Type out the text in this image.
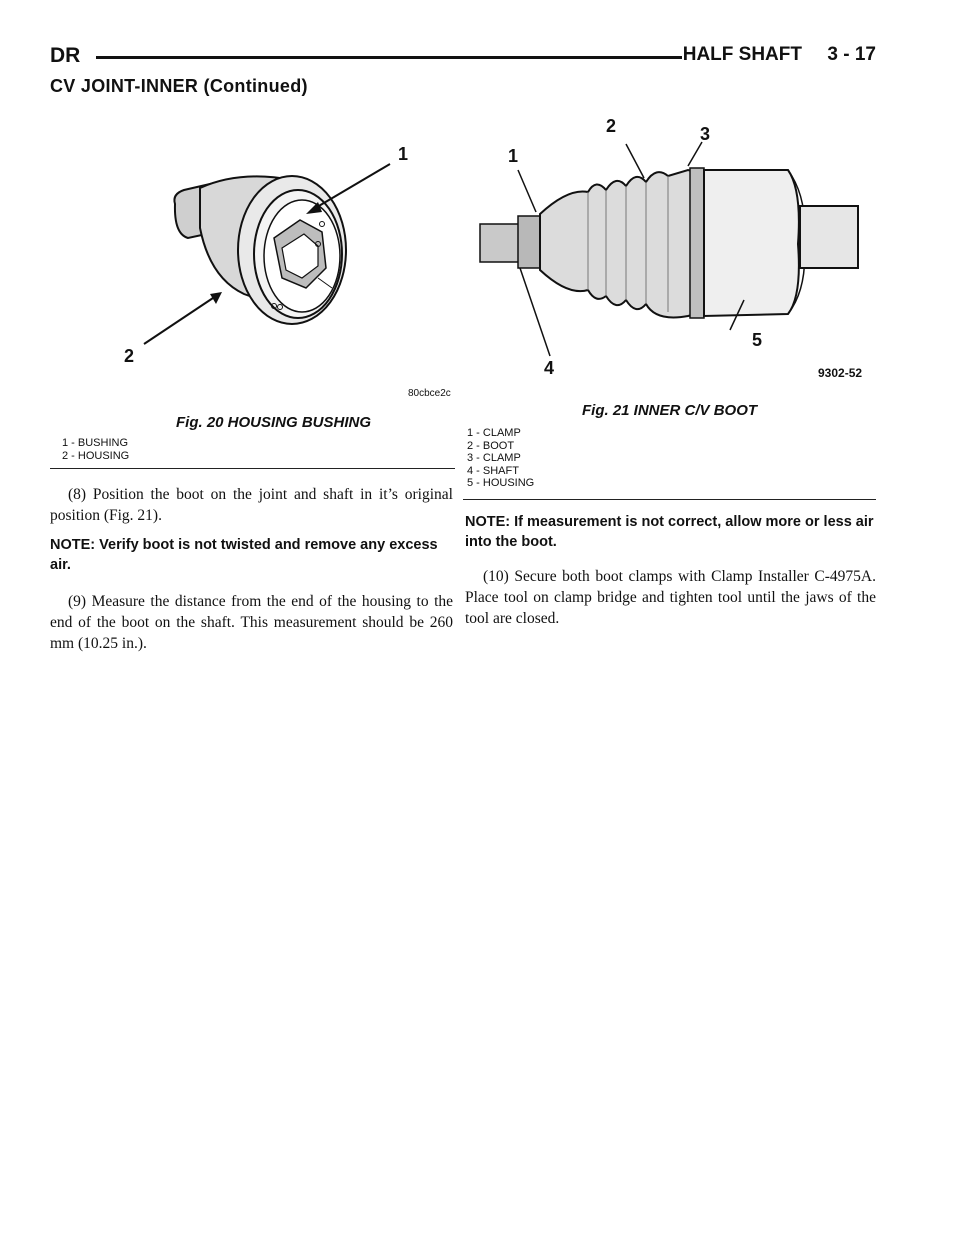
DR	HALF SHAFT 3 - 17
CV JOINT-INNER (Continued)
1
2
80cbce2c
Fig. 20 HOUSING BUSHING
1 - BUSHING
2 - HOUSING
(8) Position the boot on the joint and shaft in it’s original position (Fig. 21).
NOTE: Verify boot is not twisted and remove any excess air.
(9) Measure the distance from the end of the housing to the end of the boot on the shaft. This measurement should be 260 mm (10.25 in.).
1
2	3
4
5
9302-52
Fig. 21 INNER C/V BOOT
1 - CLAMP
2 - BOOT
3 - CLAMP
4 - SHAFT
5 - HOUSING
NOTE: If measurement is not correct, allow more or less air into the boot.
(10) Secure both boot clamps with Clamp Installer C-4975A. Place tool on clamp bridge and tighten tool until the jaws of the tool are closed.
